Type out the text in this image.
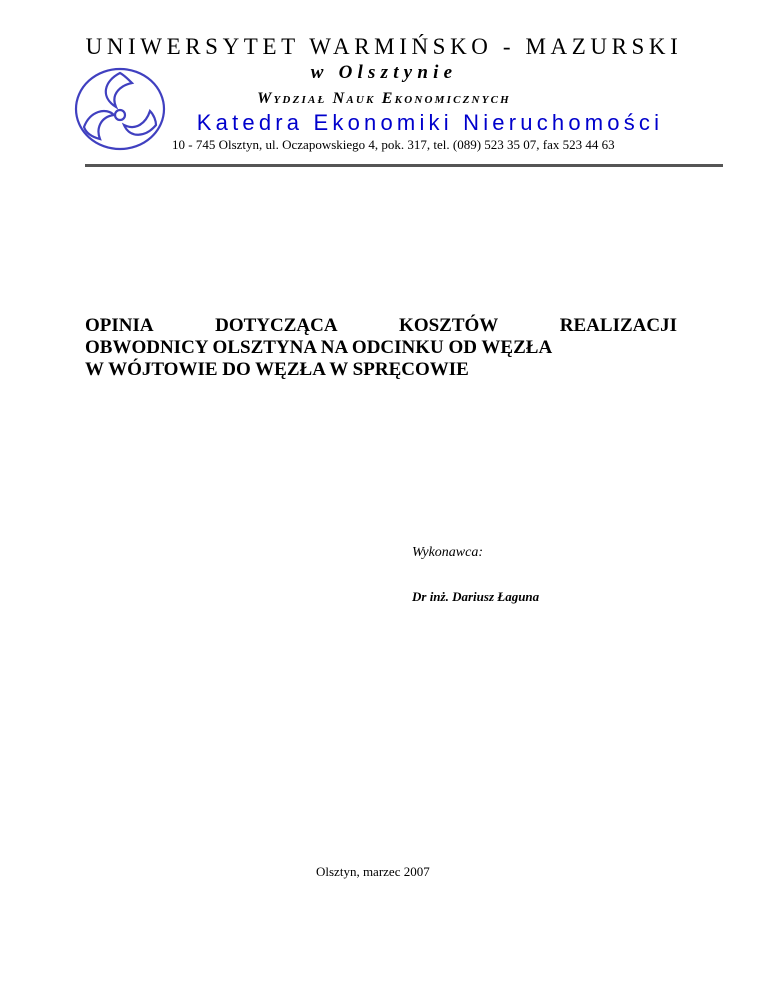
UNIWERSYTET WARMIŃSKO - MAZURSKI
w Olsztynie
Wydział Nauk Ekonomicznych
Katedra Ekonomiki Nieruchomości
10 - 745 Olsztyn, ul. Oczapowskiego 4, pok. 317, tel. (089) 523 35 07, fax 523 44 63
OPINIA	DOTYCZĄCA	KOSZTÓW	REALIZACJI
OBWODNICY OLSZTYNA NA ODCINKU OD WĘZŁA
W WÓJTOWIE DO WĘZŁA W SPRĘCOWIE
Wykonawca:
Dr inż. Dariusz Łaguna
Olsztyn, marzec 2007
